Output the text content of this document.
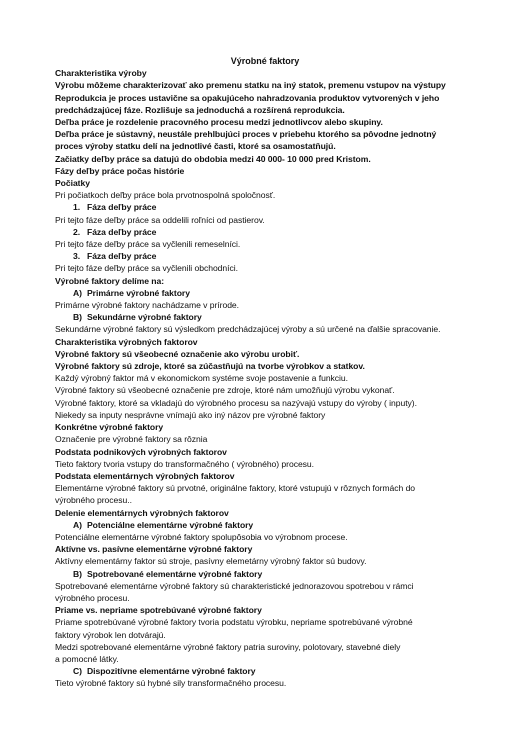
Výrobné faktory
Charakteristika výroby
Výrobu môžeme charakterizovať ako premenu statku na iný statok, premenu vstupov na výstupy
Reprodukcia je proces ustavične sa opakujúceho nahradzovania produktov vytvorených v jeho
predchádzajúcej fáze. Rozlišuje sa jednoduchá a rozšírená reprodukcia.
Deľba práce je rozdelenie pracovného procesu medzi jednotlivcov alebo skupiny.
Deľba práce je sústavný, neustále prehlbujúci proces v priebehu ktorého sa pôvodne jednotný
proces výroby statku delí na jednotlivé časti, ktoré sa osamostatňujú.
Začiatky deľby práce sa datujú do obdobia medzi 40 000- 10 000 pred Kristom.
Fázy deľby práce počas histórie
Počiatky
Pri počiatkoch deľby práce bola prvotnospolná spoločnosť.
1. Fáza deľby práce
Pri tejto fáze deľby práce sa oddelili roľníci od pastierov.
2. Fáza deľby práce
Pri tejto fáze deľby práce sa vyčlenili remeselníci.
3. Fáza deľby práce
Pri tejto fáze deľby práce sa vyčlenili obchodníci.
Výrobné faktory delíme na:
A) Primárne výrobné faktory
Primárne výrobné faktory nachádzame v prírode.
B) Sekundárne výrobné faktory
Sekundárne výrobné faktory sú výsledkom predchádzajúcej výroby a sú určené na ďalšie spracovanie.
Charakteristika výrobných faktorov
Výrobné faktory sú všeobecné označenie ako výrobu urobiť.
Výrobné faktory sú zdroje, ktoré sa zúčastňujú na tvorbe výrobkov a statkov.
Každý výrobný faktor má v ekonomickom systéme svoje postavenie a funkciu.
Výrobné faktory sú všeobecné označenie pre zdroje, ktoré nám umožňujú výrobu vykonať.
Výrobné faktory, ktoré sa vkladajú do výrobného procesu sa nazývajú vstupy do výroby ( inputy).
Niekedy sa inputy nesprávne vnímajú ako iný názov pre výrobné faktory
Konkrétne výrobné faktory
Označenie pre výrobné faktory sa rôznia
Podstata podnikových výrobných faktorov
Tieto faktory tvoria vstupy do transformačného ( výrobného) procesu.
Podstata elementárnych výrobných faktorov
Elementárne výrobné faktory sú prvotné, originálne faktory, ktoré vstupujú v rôznych formách do
výrobného procesu..
Delenie elementárnych výrobných faktorov
A) Potenciálne elementárne výrobné faktory
Potenciálne elementárne výrobné faktory spolupôsobia vo výrobnom procese.
Aktívne vs. pasívne elementárne výrobné faktory
Aktívny elementárny faktor sú stroje, pasívny elemetárny výrobný faktor sú budovy.
B) Spotrebované elementárne výrobné faktory
Spotrebované elementárne výrobné faktory sú charakteristické jednorazovou spotrebou v rámci
výrobného procesu.
Priame vs. nepriame spotrebúvané výrobné faktory
Priame spotrebúvané výrobné faktory tvoria podstatu výrobku, nepriame spotrebúvané výrobné
faktory výrobok len dotvárajú.
Medzi spotrebované elementárne výrobné faktory patria suroviny, polotovary, stavebné diely
a pomocné látky.
C) Dispozitívne elementárne výrobné faktory
Tieto výrobné faktory sú hybné sily transformačného procesu.
